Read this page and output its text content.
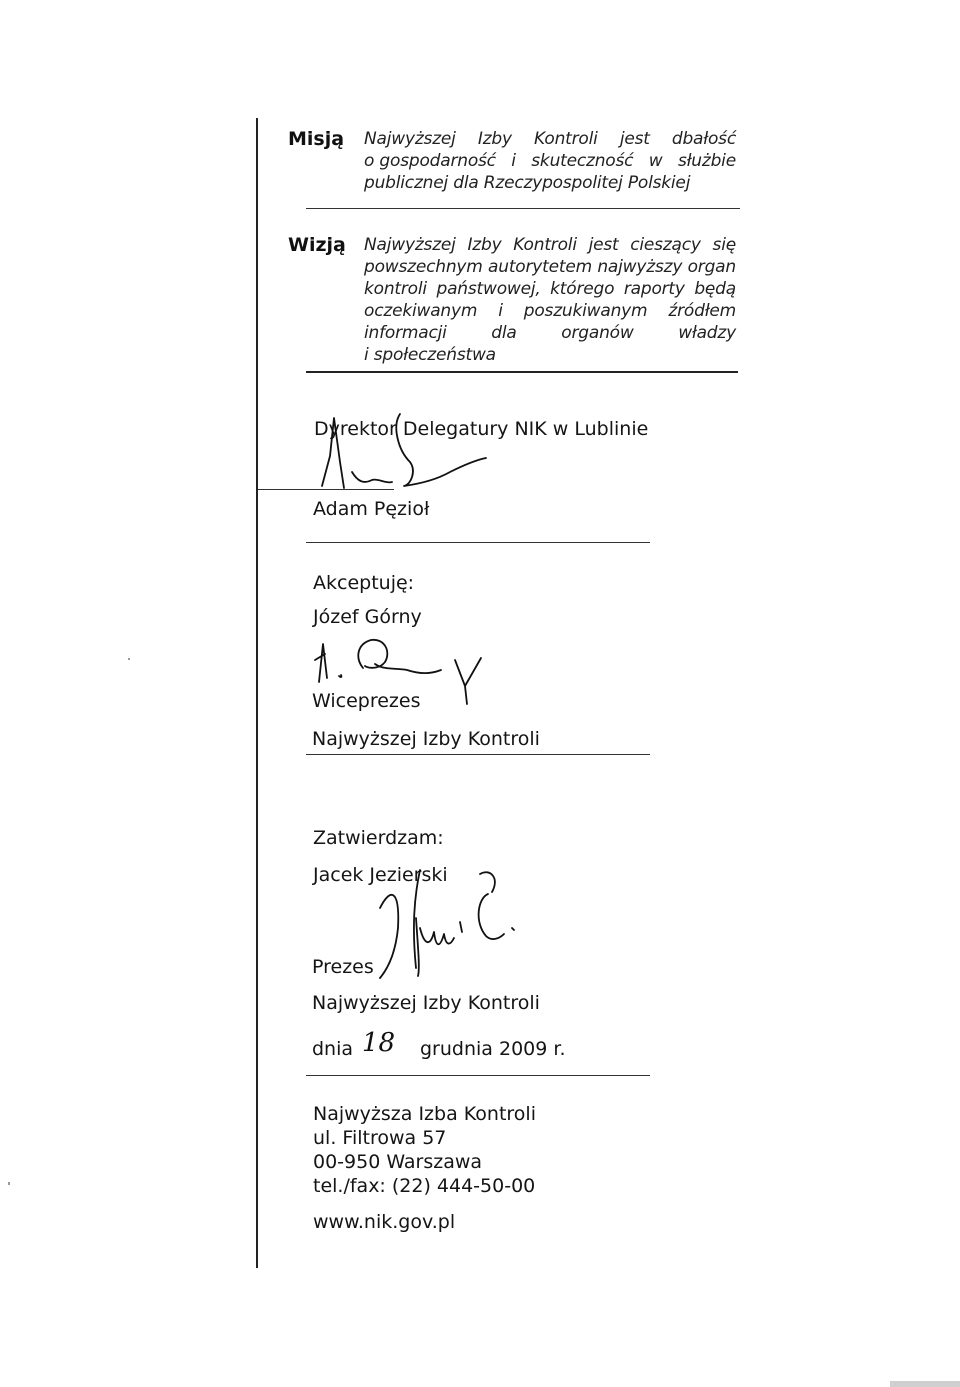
Misją Najwyższej Izby Kontroli jest dbałość
o gospodarność i skuteczność w służbie
publicznej dla Rzeczypospolitej Polskiej
Wizją Najwyższej Izby Kontroli jest cieszący się
powszechnym autorytetem najwyższy organ
kontroli państwowej, którego raporty będą
oczekiwanym i poszukiwanym źródłem
informacji	dla	organów	władzy
i społeczeństwa
Dyrektor Delegatury NIK w Lublinie
Adam Pęzioł
Akceptuję:
Józef Górny
Wiceprezes
Najwyższej Izby Kontroli
Zatwierdzam:
Jacek Jezierski
Prezes
Najwyższej Izby Kontroli
dnia 18 grudnia 2009 r.
Najwyższa Izba Kontroli
ul. Filtrowa 57
00-950 Warszawa
tel./fax: (22) 444-50-00
www.nik.gov.pl
